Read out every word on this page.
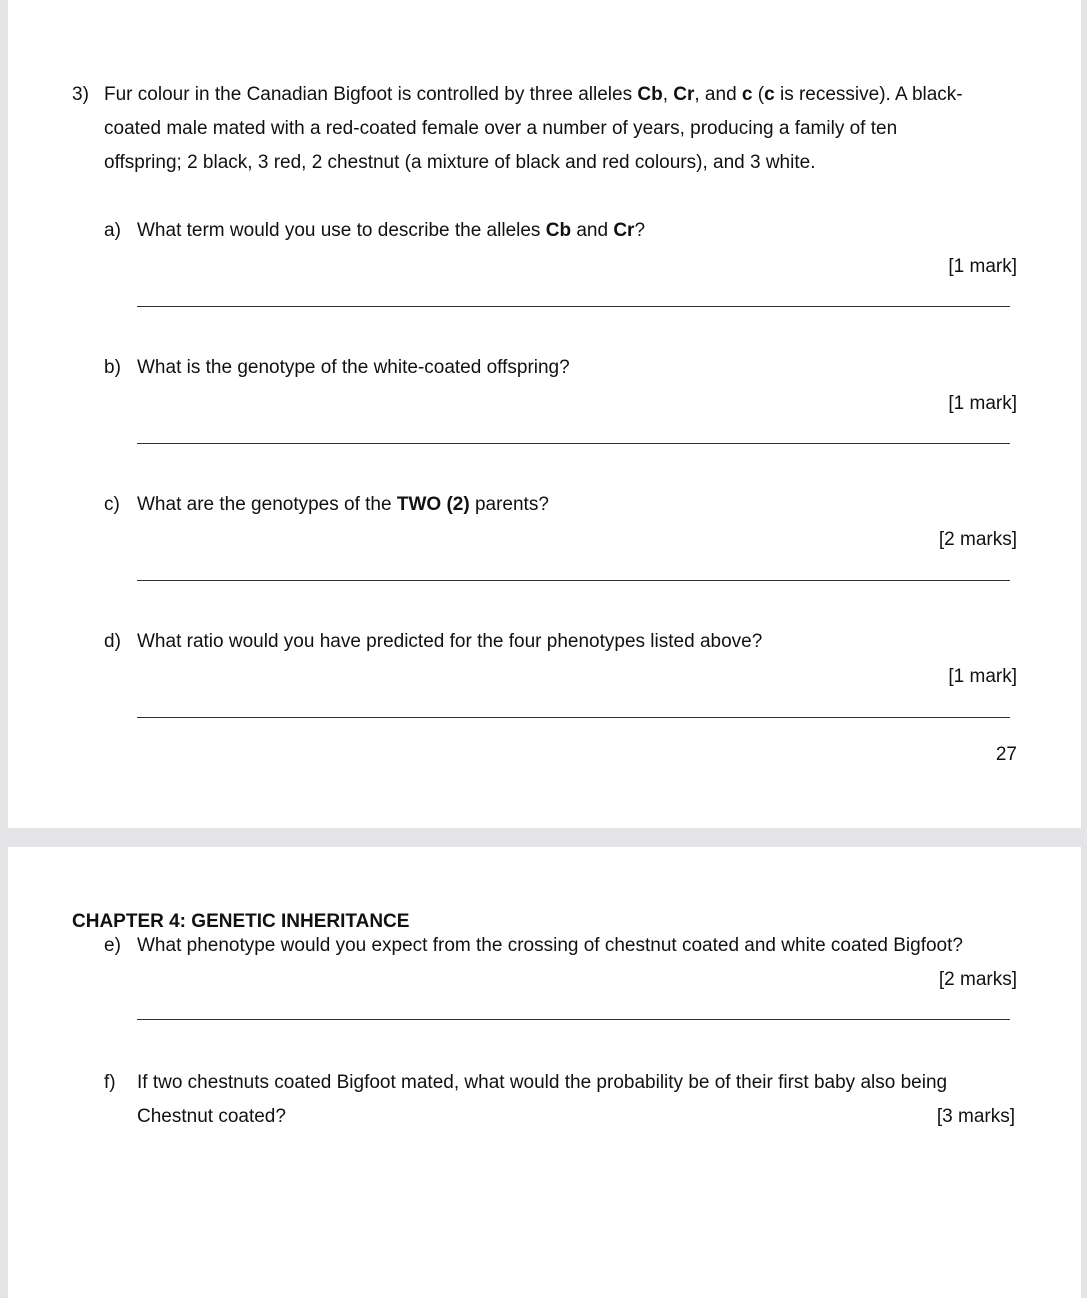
3) Fur colour in the Canadian Bigfoot is controlled by three alleles Cb, Cr, and c (c is recessive). A black-
coated male mated with a red-coated female over a number of years, producing a family of ten
offspring; 2 black, 3 red, 2 chestnut (a mixture of black and red colours), and 3 white.
a) What term would you use to describe the alleles Cb and Cr?
[1 mark]
b) What is the genotype of the white-coated offspring?
[1 mark]
c) What are the genotypes of the TWO (2) parents?
[2 marks]
d) What ratio would you have predicted for the four phenotypes listed above?
[1 mark]
27
CHAPTER 4: GENETIC INHERITANCE
e) What phenotype would you expect from the crossing of chestnut coated and white coated Bigfoot?
[2 marks]
f) If two chestnuts coated Bigfoot mated, what would the probability be of their first baby also being
Chestnut coated?	[3 marks]
